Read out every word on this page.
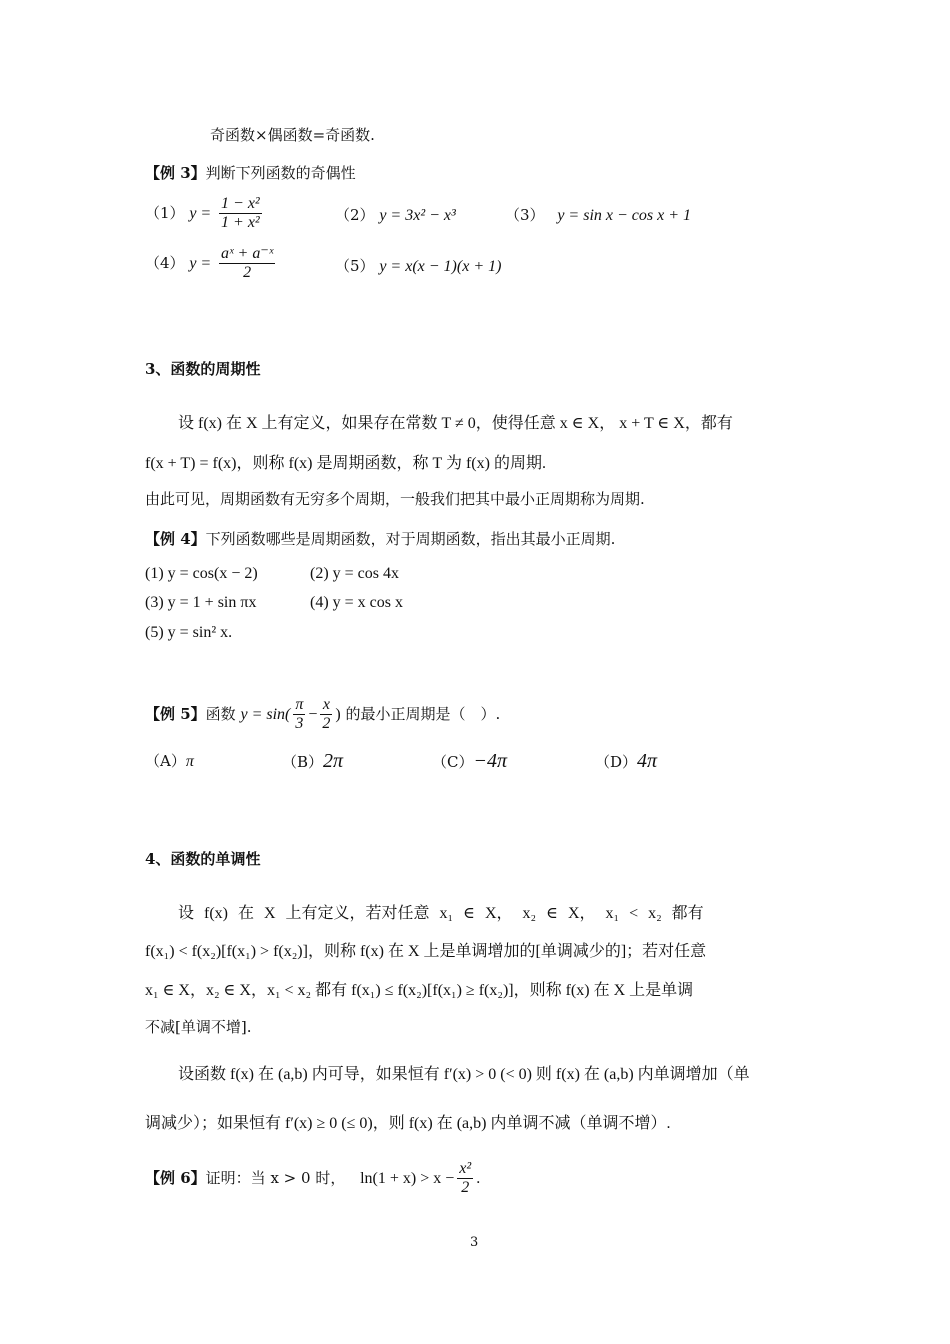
奇函数×偶函数=奇函数.
【例 3】判断下列函数的奇偶性
（1） $y = \frac{\text{1 − x²}}{\text{1 + x²}}$	（2） y = 3x² − x³	（3） y = sin x − cos x + 1
（4） $y = \frac{\text{aˣ + a⁻ˣ}}{2}$	（5） y = x(x − 1)(x + 1)
3、函数的周期性
设 f(x) 在 X 上有定义，如果存在常数 T ≠ 0，使得任意 x ∈ X， x + T ∈ X，都有
f(x + T) = f(x)，则称 f(x) 是周期函数，称 T 为 f(x) 的周期.
由此可见，周期函数有无穷多个周期，一般我们把其中最小正周期称为周期.
【例 4】下列函数哪些是周期函数，对于周期函数，指出其最小正周期.
(1) y = cos(x − 2)	(2) y = cos 4x
(3) y = 1 + sin πx	(4) y = x cos x
(5) y = sin² x.
【例 5】函数 $y = \sin( \frac{\pi}{3} - \frac{x}{2}$ ) 的最小正周期是（　）.
（A）π	（B）2π	（C）−4π	（D）4π
4、函数的单调性
设 f(x) 在 X 上有定义，若对任意 x₁ ∈ X， x₂ ∈ X， x₁ < x₂ 都有
f(x₁) < f(x₂)[f(x₁) > f(x₂)]，则称 f(x) 在 X 上是单调增加的[单调减少的]；若对任意
x₁ ∈ X，x₂ ∈ X，x₁ < x₂ 都有 f(x₁) ≤ f(x₂)[f(x₁) ≥ f(x₂)]，则称 f(x) 在 X 上是单调
不减[单调不增].
设函数 f(x) 在 (a,b) 内可导，如果恒有 f′(x) > 0 (< 0) 则 f(x) 在 (a,b) 内单调增加（单
调减少）；如果恒有 f′(x) ≥ 0 (≤ 0)，则 f(x) 在 (a,b) 内单调不减（单调不增）.
【例 6】证明：当 x > 0 时， $\ln(1 + x) > x - \frac{\text{x²}}{2}$ .
3
